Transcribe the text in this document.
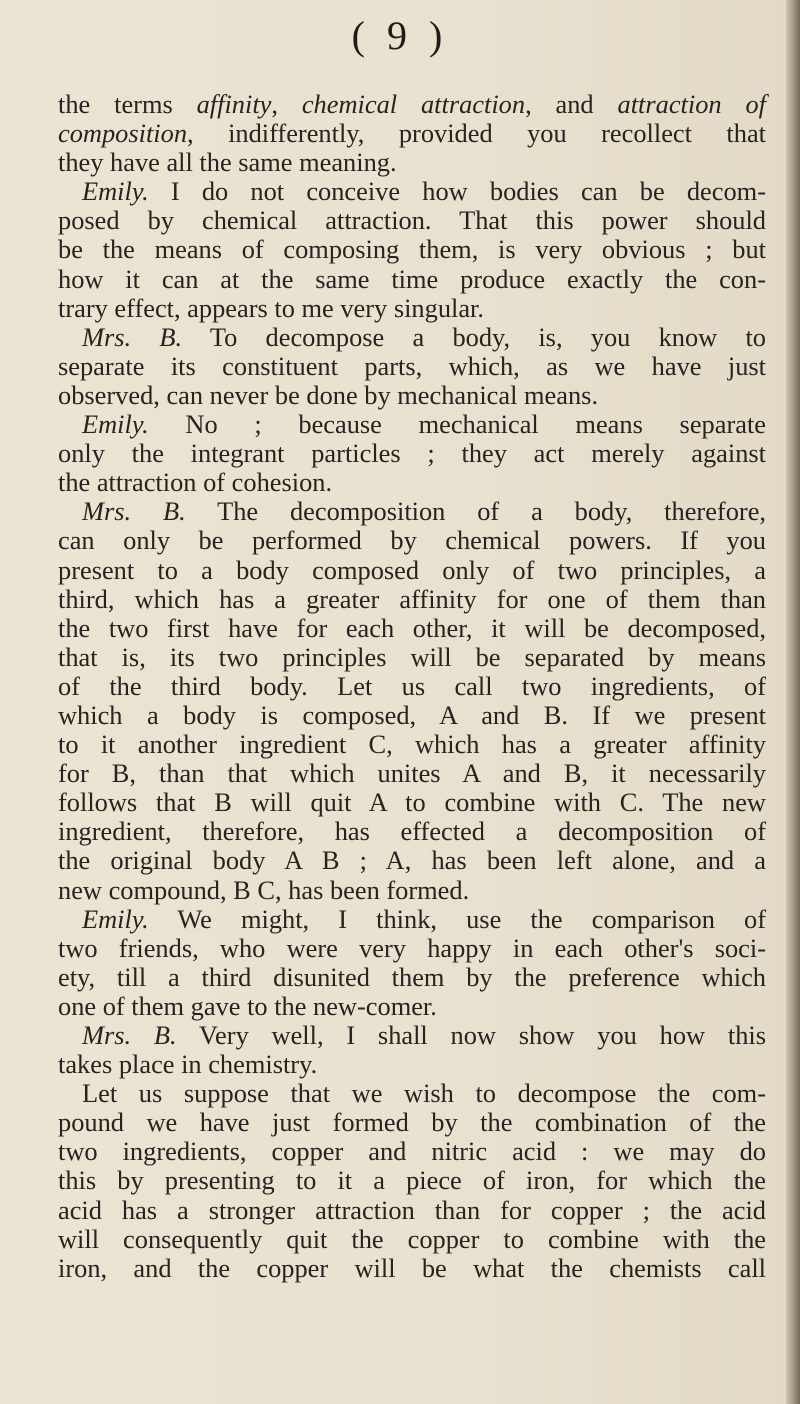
( 9 )
the terms affinity, chemical attraction, and attraction of
composition, indifferently, provided you recollect that
they have all the same meaning.
Emily. I do not conceive how bodies can be decom-
posed by chemical attraction. That this power should
be the means of composing them, is very obvious ; but
how it can at the same time produce exactly the con-
trary effect, appears to me very singular.
Mrs. B. To decompose a body, is, you know to
separate its constituent parts, which, as we have just
observed, can never be done by mechanical means.
Emily. No ; because mechanical means separate
only the integrant particles ; they act merely against
the attraction of cohesion.
Mrs. B. The decomposition of a body, therefore,
can only be performed by chemical powers. If you
present to a body composed only of two principles, a
third, which has a greater affinity for one of them than
the two first have for each other, it will be decomposed,
that is, its two principles will be separated by means
of the third body. Let us call two ingredients, of
which a body is composed, A and B. If we present
to it another ingredient C, which has a greater affinity
for B, than that which unites A and B, it necessarily
follows that B will quit A to combine with C. The new
ingredient, therefore, has effected a decomposition of
the original body A B ; A, has been left alone, and a
new compound, B C, has been formed.
Emily. We might, I think, use the comparison of
two friends, who were very happy in each other's soci-
ety, till a third disunited them by the preference which
one of them gave to the new-comer.
Mrs. B. Very well, I shall now show you how this
takes place in chemistry.
Let us suppose that we wish to decompose the com-
pound we have just formed by the combination of the
two ingredients, copper and nitric acid : we may do
this by presenting to it a piece of iron, for which the
acid has a stronger attraction than for copper ; the acid
will consequently quit the copper to combine with the
iron, and the copper will be what the chemists call
